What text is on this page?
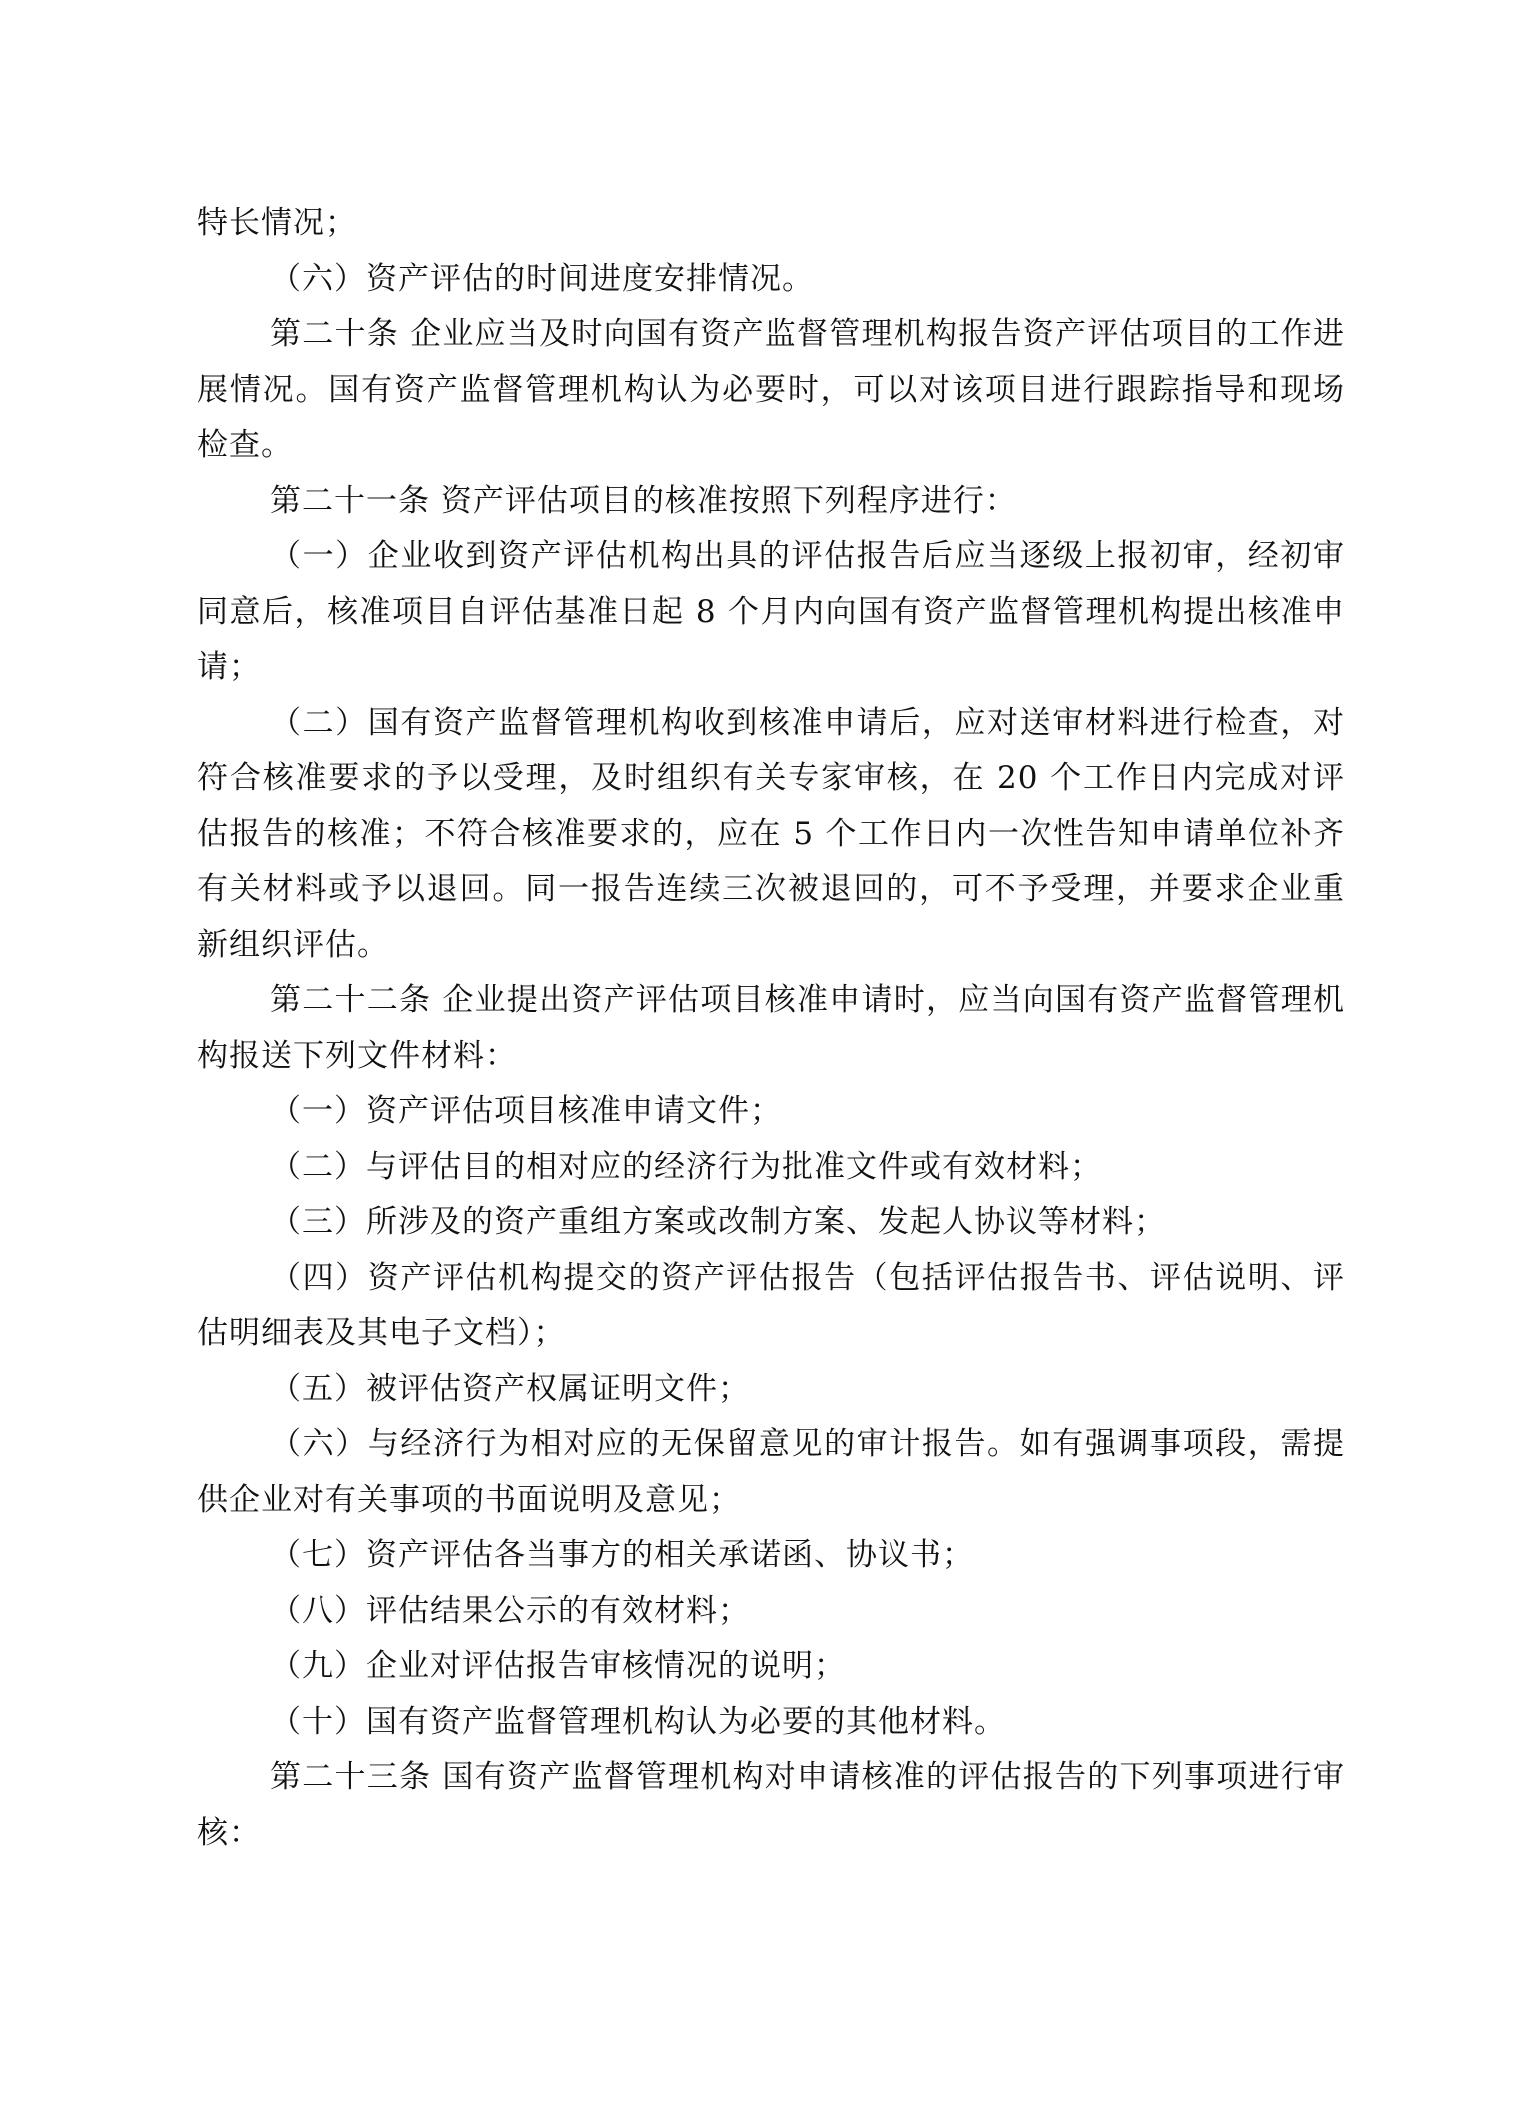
特长情况；

（六）资产评估的时间进度安排情况。

第二十条 企业应当及时向国有资产监督管理机构报告资产评估项目的工作进展情况。国有资产监督管理机构认为必要时，可以对该项目进行跟踪指导和现场检查。

第二十一条 资产评估项目的核准按照下列程序进行：

（一）企业收到资产评估机构出具的评估报告后应当逐级上报初审，经初审同意后，核准项目自评估基准日起 8 个月内向国有资产监督管理机构提出核准申请；

（二）国有资产监督管理机构收到核准申请后，应对送审材料进行检查，对符合核准要求的予以受理，及时组织有关专家审核，在 20 个工作日内完成对评估报告的核准；不符合核准要求的，应在 5 个工作日内一次性告知申请单位补齐有关材料或予以退回。同一报告连续三次被退回的，可不予受理，并要求企业重新组织评估。

第二十二条 企业提出资产评估项目核准申请时，应当向国有资产监督管理机构报送下列文件材料：

（一）资产评估项目核准申请文件；

（二）与评估目的相对应的经济行为批准文件或有效材料；

（三）所涉及的资产重组方案或改制方案、发起人协议等材料；

（四）资产评估机构提交的资产评估报告（包括评估报告书、评估说明、评估明细表及其电子文档）；

（五）被评估资产权属证明文件；

（六）与经济行为相对应的无保留意见的审计报告。如有强调事项段，需提供企业对有关事项的书面说明及意见；

（七）资产评估各当事方的相关承诺函、协议书；

（八）评估结果公示的有效材料；

（九）企业对评估报告审核情况的说明；

（十）国有资产监督管理机构认为必要的其他材料。

第二十三条 国有资产监督管理机构对申请核准的评估报告的下列事项进行审核：
